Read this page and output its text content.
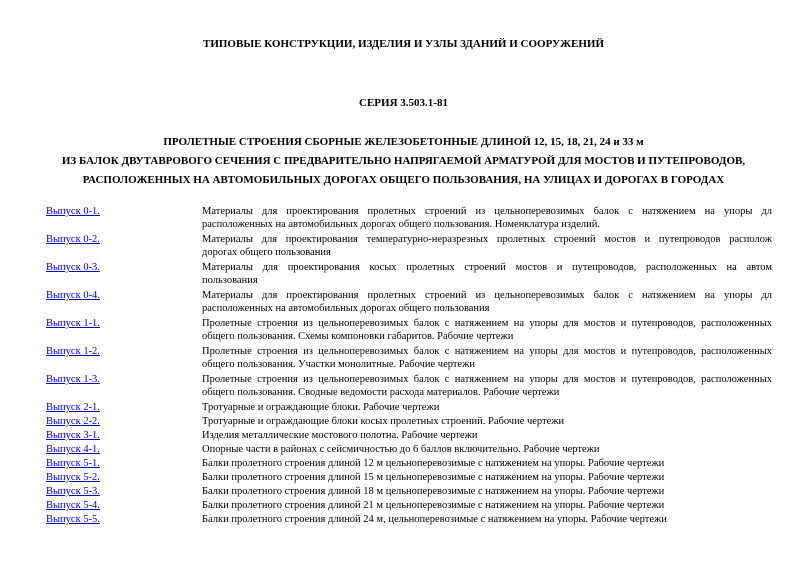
ТИПОВЫЕ КОНСТРУКЦИИ, ИЗДЕЛИЯ И УЗЛЫ ЗДАНИЙ И СООРУЖЕНИЙ
СЕРИЯ 3.503.1-81
ПРОЛЕТНЫЕ СТРОЕНИЯ СБОРНЫЕ ЖЕЛЕЗОБЕТОННЫЕ ДЛИНОЙ 12, 15, 18, 21, 24 и 33 м
ИЗ БАЛОК ДВУТАВРОВОГО СЕЧЕНИЯ С ПРЕДВАРИТЕЛЬНО НАПРЯГАЕМОЙ АРМАТУРОЙ ДЛЯ МОСТОВ И ПУТЕПРОВОДОВ,
РАСПОЛОЖЕННЫХ НА АВТОМОБИЛЬНЫХ ДОРОГАХ ОБЩЕГО ПОЛЬЗОВАНИЯ, НА УЛИЦАХ И ДОРОГАХ В ГОРОДАХ
Выпуск 0-1.	Материалы для проектирования пролетных строений из цельноперевозимых балок с натяжением на упоры дл
расположенных на автомобильных дорогах общего пользования. Номенклатура изделий.
Выпуск 0-2.	Материалы для проектирования температурно-неразрезных пролетных строений мостов и путепроводов располож
дорогах общего пользования
Выпуск 0-3.	Материалы для проектирования косых пролетных строений мостов и путепроводов, расположенных на автом
пользования
Выпуск 0-4.	Материалы для проектирования пролетных строений из цельноперевозимых балок с натяжением на упоры дл
расположенных на автомобильных дорогах общего пользования
Выпуск 1-1.	Пролетные строения из цельноперевозимых балок с натяжением на упоры для мостов и путепроводов, расположенных
общего пользования. Схемы компоновки габаритов. Рабочие чертежи
Выпуск 1-2.	Пролетные строения из цельноперевозимых балок с натяжением на упоры для мостов и путепроводов, расположенных
общего пользования. Участки монолитные. Рабочие чертежи
Выпуск 1-3.	Пролетные строения из цельноперевозимых балок с натяжением на упоры для мостов и путепроводов, расположенных
общего пользования. Сводные ведомости расхода материалов. Рабочие чертежи
Выпуск 2-1.	Тротуарные и ограждающие блоки. Рабочие чертежи
Выпуск 2-2.	Тротуарные и ограждающие блоки косых пролетных строений. Рабочие чертежи
Выпуск 3-1.	Изделия металлические мостового полотна. Рабочие чертежи
Выпуск 4-1.	Опорные части в районах с сейсмичностью до 6 баллов включительно. Рабочие чертежи
Выпуск 5-1.	Балки пролетного строения длиной 12 м цельноперевозимые с натяжением на упоры. Рабочие чертежи
Выпуск 5-2.	Балки пролетного строения длиной 15 м цельноперевозимые с натяжением на упоры. Рабочие чертежи
Выпуск 5-3.	Балки пролетного строения длиной 18 м цельноперевозимые с натяжением на упоры. Рабочие чертежи
Выпуск 5-4.	Балки пролетного строения длиной 21 м цельноперевозимые с натяжением на упоры. Рабочие чертежи
Выпуск 5-5.	Балки пролетного строения длиной 24 м, цельноперевозимые с натяжением на упоры. Рабочие чертежи
